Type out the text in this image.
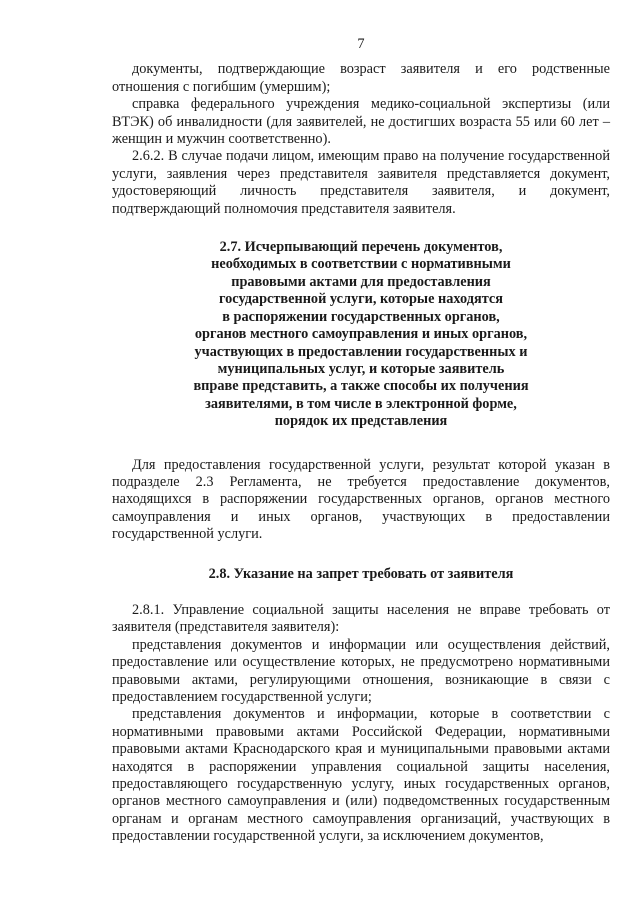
7

документы, подтверждающие возраст заявителя и его родственные отношения с погибшим (умершим);

справка федерального учреждения медико-социальной экспертизы (или ВТЭК) об инвалидности (для заявителей, не достигших возраста 55 или 60 лет – женщин и мужчин соответственно).

2.6.2. В случае подачи лицом, имеющим право на получение государственной услуги, заявления через представителя заявителя представляется документ, удостоверяющий личность представителя заявителя, и документ, подтверждающий полномочия представителя заявителя.

2.7. Исчерпывающий перечень документов,
необходимых в соответствии с нормативными
правовыми актами для предоставления
государственной услуги, которые находятся
в распоряжении государственных органов,
органов местного самоуправления и иных органов,
участвующих в предоставлении государственных и
муниципальных услуг, и которые заявитель
вправе представить, а также способы их получения
заявителями, в том числе в электронной форме,
порядок их представления

Для предоставления государственной услуги, результат которой указан в подразделе 2.3 Регламента, не требуется предоставление документов, находящихся в распоряжении государственных органов, органов местного самоуправления и иных органов, участвующих в предоставлении государственной услуги.

2.8. Указание на запрет требовать от заявителя

2.8.1. Управление социальной защиты населения не вправе требовать от заявителя (представителя заявителя):

представления документов и информации или осуществления действий, предоставление или осуществление которых, не предусмотрено нормативными правовыми актами, регулирующими отношения, возникающие в связи с предоставлением государственной услуги;

представления документов и информации, которые в соответствии с нормативными правовыми актами Российской Федерации, нормативными правовыми актами Краснодарского края и муниципальными правовыми актами находятся в распоряжении управления социальной защиты населения, предоставляющего государственную услугу, иных государственных органов, органов местного самоуправления и (или) подведомственных государственным органам и органам местного самоуправления организаций, участвующих в предоставлении государственной услуги, за исключением документов,
